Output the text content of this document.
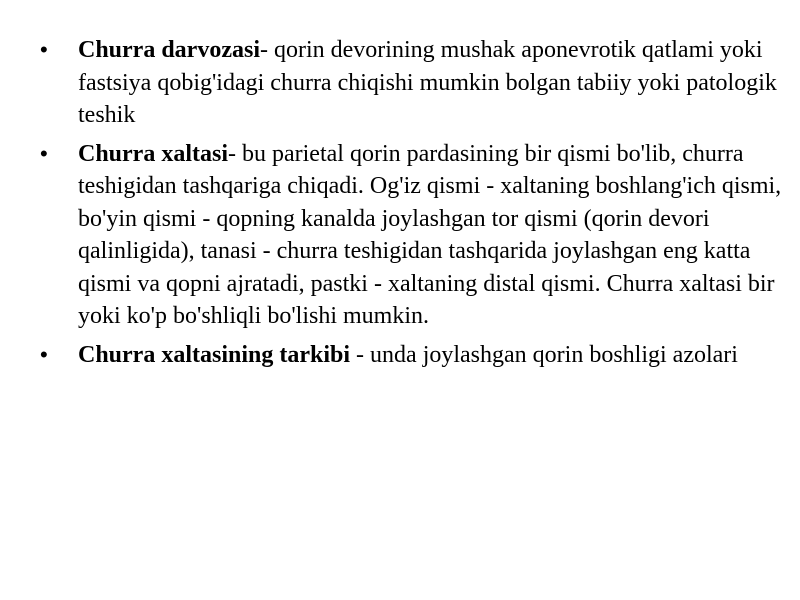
• Churra darvozasi- qorin devorining mushak aponevrotik qatlami yoki fastsiya qobig'idagi churra chiqishi mumkin bolgan tabiiy yoki patologik teshik
• Churra xaltasi- bu parietal qorin pardasining bir qismi bo'lib, churra teshigidan tashqariga chiqadi. Og'iz qismi - xaltaning boshlang'ich qismi, bo'yin qismi - qopning kanalda joylashgan tor qismi (qorin devori qalinligida), tanasi - churra teshigidan tashqarida joylashgan eng katta qismi va qopni ajratadi, pastki - xaltaning distal qismi. Churra xaltasi bir yoki ko'p bo'shliqli bo'lishi mumkin.
• Churra xaltasining tarkibi - unda joylashgan qorin boshligi azolari
